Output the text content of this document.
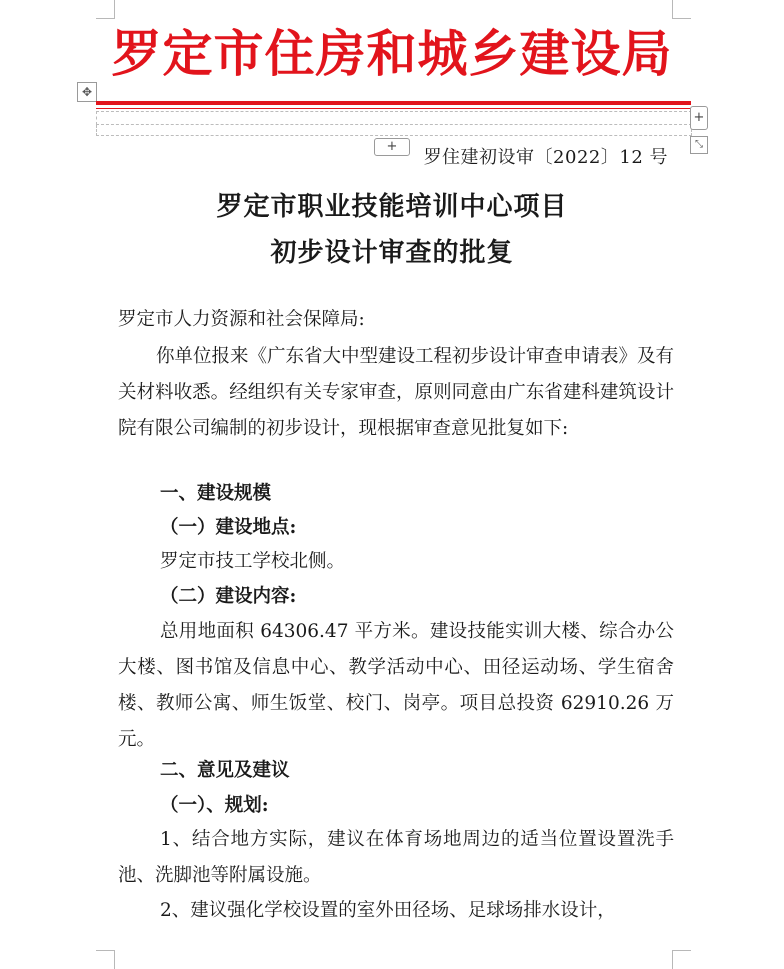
罗定市住房和城乡建设局
✥
+
⤡
+
罗住建初设审〔2022〕12 号
罗定市职业技能培训中心项目
初步设计审查的批复

罗定市人力资源和社会保障局:

你单位报来《广东省大中型建设工程初步设计审查申请表》及有关材料收悉。经组织有关专家审查，原则同意由广东省建科建筑设计院有限公司编制的初步设计，现根据审查意见批复如下:

一、建设规模

（一）建设地点:

罗定市技工学校北侧。

（二）建设内容:

总用地面积 64306.47 平方米。建设技能实训大楼、综合办公大楼、图书馆及信息中心、教学活动中心、田径运动场、学生宿舍楼、教师公寓、师生饭堂、校门、岗亭。项目总投资 62910.26 万元。

二、意见及建议

（一）、规划:

1、结合地方实际，建议在体育场地周边的适当位置设置洗手池、洗脚池等附属设施。

2、建议强化学校设置的室外田径场、足球场排水设计，
